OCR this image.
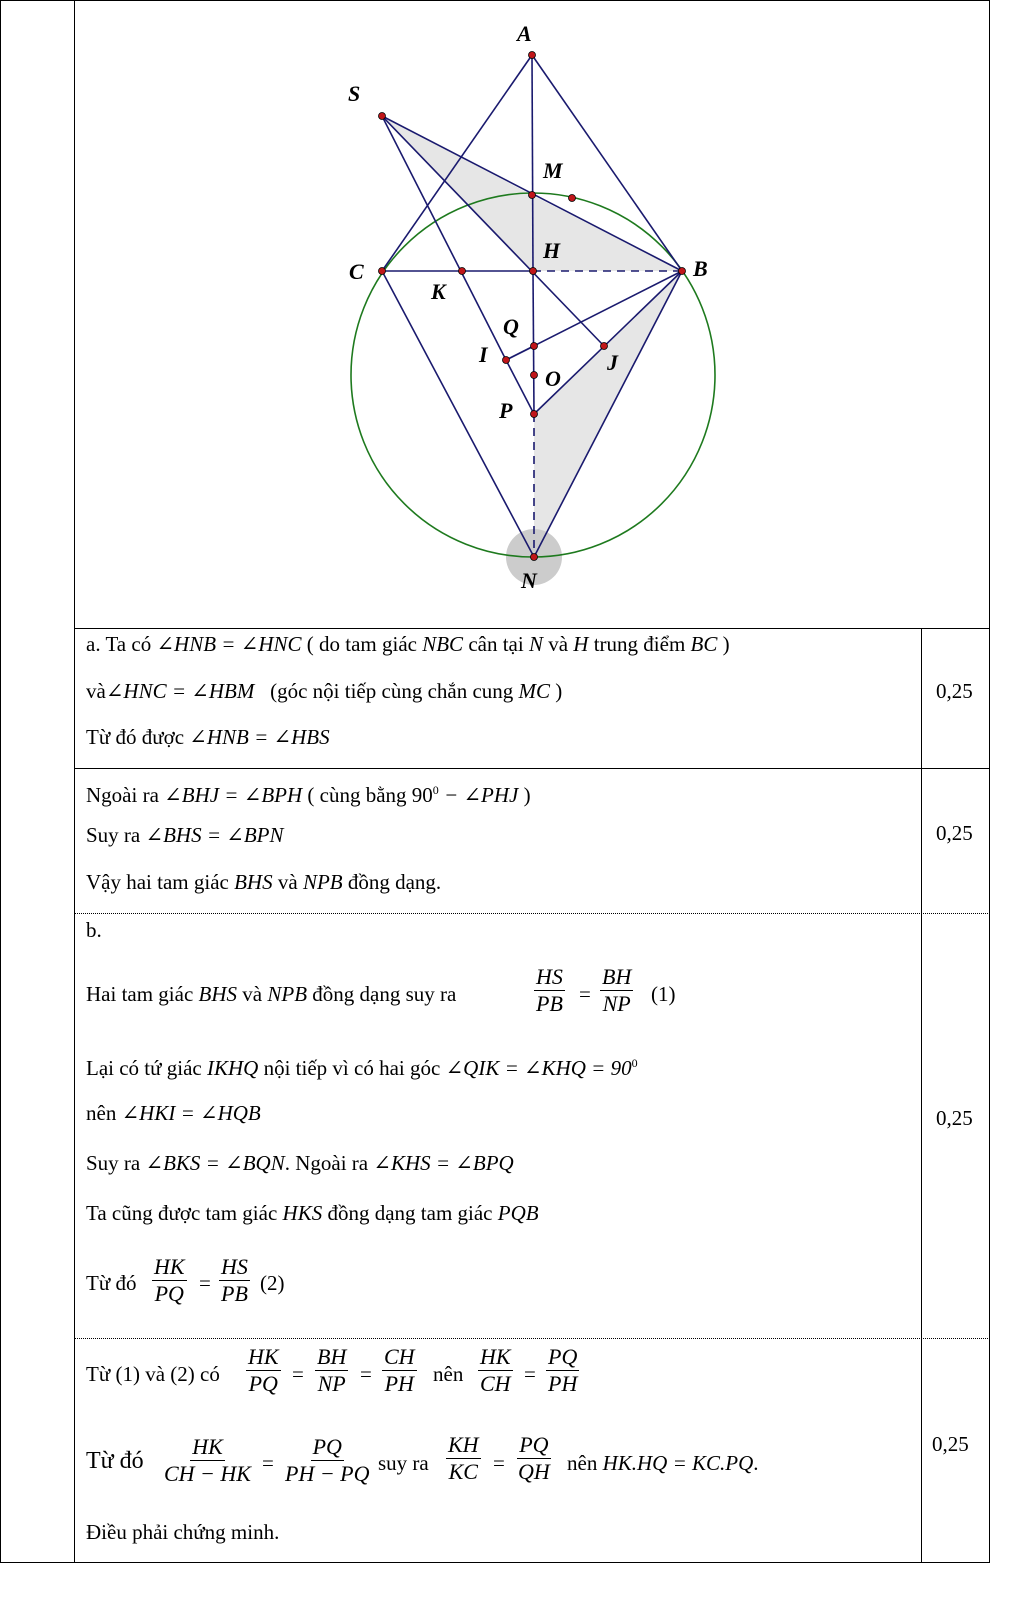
A
S
M
H
C
K
B
Q
I	J
O
P
N
0,25
0,25
0,25
0,25
a. Ta có ∠HNB = ∠HNC ( do tam giác NBC cân tại N và H trung điểm BC )
và∠HNC = ∠HBM (góc nội tiếp cùng chắn cung MC )
Từ đó được ∠HNB = ∠HBS
Ngoài ra ∠BHJ = ∠BPH ( cùng bằng $90^0$ − ∠PHJ )
Suy ra ∠BHS = ∠BPN
Vậy hai tam giác BHS và NPB đồng dạng.
b.
Hai tam giác BHS và NPB đồng dạng suy ra	$\frac{HS}{PB} = \frac{BH}{NP} (1)$
Lại có tứ giác IKHQ nội tiếp vì có hai góc ∠QIK = ∠KHQ = $90^0$
nên ∠HKI = ∠HQB
Suy ra ∠BKS = ∠BQN. Ngoài ra ∠KHS = ∠BPQ
Ta cũng được tam giác HKS đồng dạng tam giác PQB
Từ đó $\frac{HK}{PQ} = \frac{HS}{PB} (2)$
Từ (1) và (2) có $\frac{HK}{PQ} = \frac{BH}{NP} = \frac{CH}{PH}$ nên $\frac{HK}{CH} = \frac{PQ}{PH}$
Từ đó $\frac{HK}{CH - HK} = \frac{PQ}{PH - PQ}$ suy ra $\frac{KH}{KC} = \frac{PQ}{QH}$ nên HK.HQ = KC.PQ.
Điều phải chứng minh.
